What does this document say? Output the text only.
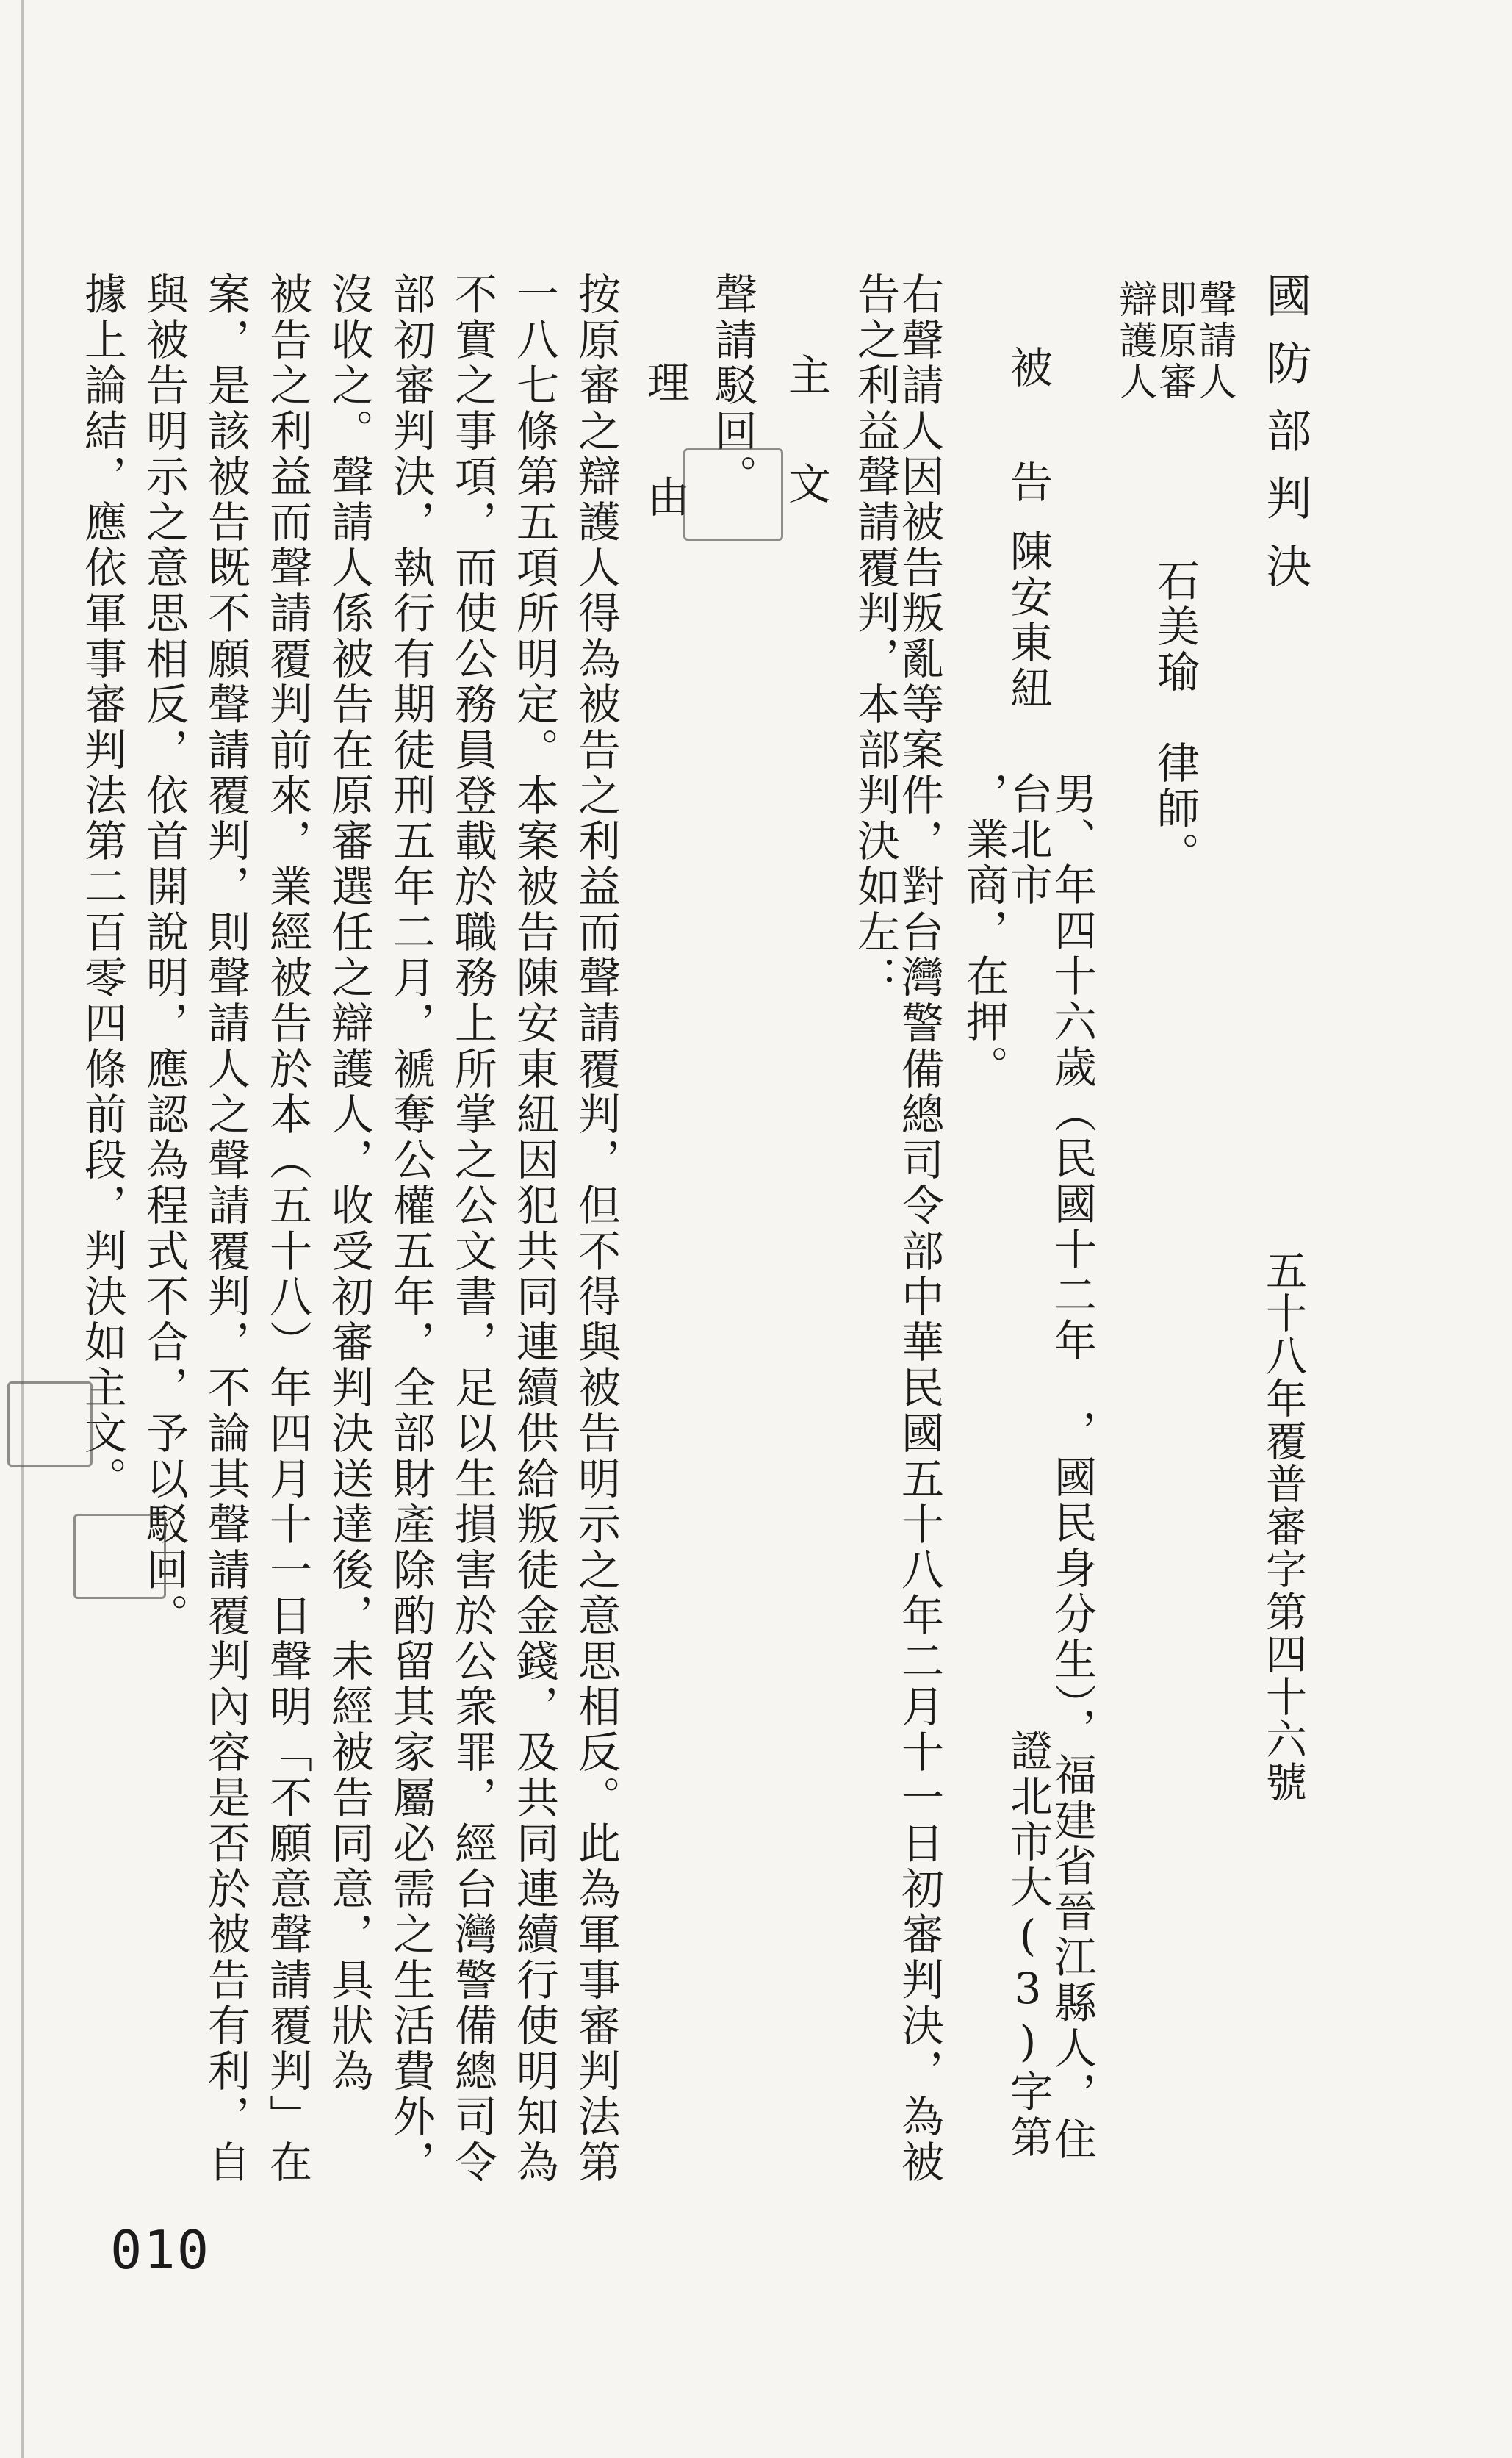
國防部判決
五十八年覆普審字第四十六號
聲請人
即原審
辯護人
石美瑜　律師。
被　告
陳安東紐
男、年四十六歲（民國十二年　，國民身分生），福建省晉江縣人，住
台北市　　　　　　　　　　　　　　　　　　證北市大(3)字第
，業商，在押。
右聲請人因被告叛亂等案件，對台灣警備總司令部中華民國五十八年二月十一日初審判決，為被
告之利益聲請覆判，本部判決如左：
主　文
聲請駁回。
理　由
按原審之辯護人得為被告之利益而聲請覆判，但不得與被告明示之意思相反。此為軍事審判法第
一八七條第五項所明定。本案被告陳安東紐因犯共同連續供給叛徒金錢，及共同連續行使明知為
不實之事項，而使公務員登載於職務上所掌之公文書，足以生損害於公衆罪，經台灣警備總司令
部初審判決，執行有期徒刑五年二月，褫奪公權五年，全部財產除酌留其家屬必需之生活費外，
沒收之。聲請人係被告在原審選任之辯護人，收受初審判決送達後，未經被告同意，具狀為
被告之利益而聲請覆判前來，業經被告於本（五十八）年四月十一日聲明「不願意聲請覆判」在
案，是該被告既不願聲請覆判，則聲請人之聲請覆判，不論其聲請覆判內容是否於被告有利，自
與被告明示之意思相反，依首開說明，應認為程式不合，予以駁回。
據上論結，應依軍事審判法第二百零四條前段，判決如主文。
010
